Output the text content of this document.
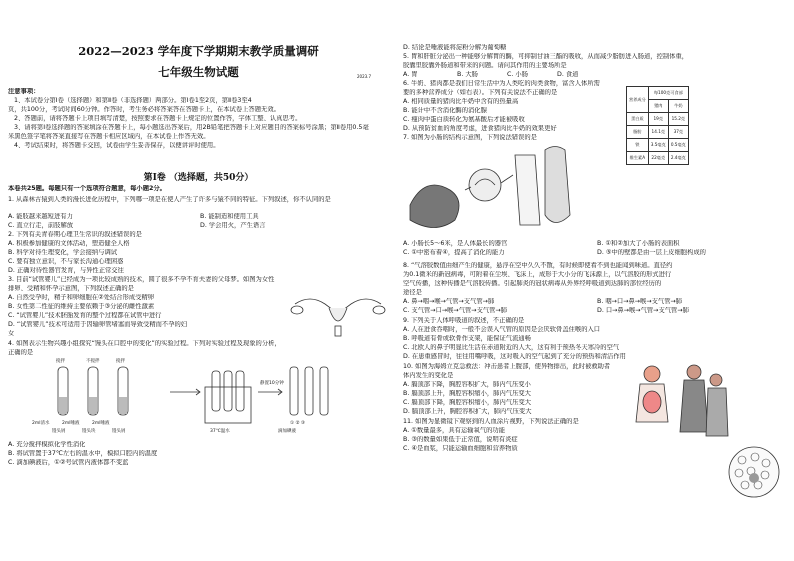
2022—2023 学年度下学期期末教学质量调研
七年级生物试题	2023.7
注意事项：
1、本试卷分第Ⅰ卷（选择题）和第Ⅱ卷（非选择题）两部分。第Ⅰ卷1至2页，第Ⅱ卷3至4
页，共100分，考试时间60分钟。作答时，考生务必将答案答在答题卡上，在本试卷上答题无效。
2、答题前，请将答题卡上项目填写清楚，按照要求在答题卡上规定的位置作答，字体工整、认真思考。
3、请将第Ⅰ卷选择题的答案填涂在答题卡上，每小题选出答案后，用2B铅笔把答题卡上对应题目的答案标号涂黑；第Ⅱ卷用0.5毫
米黑色签字笔将答案直接写在答题卡相应区域内，在本试卷上作答无效。
4、考试结束时，将答题卡交回，试卷由学生妥善保存，以便讲评时使用。
第Ⅰ卷 （选择题，共50分）
本卷共25题。每题只有一个选项符合题意，每小题2分。
1. 从森林古猿到人类的漫长进化历程中，下列哪一项是在使人产生了许多与猿不同的特征。下列叙述，你不认同的是
A. 能肢越来越短进有力	B. 能制造和使用工具
C. 直立行走，前肢解放	D. 学会用火，产生语言
2. 下列有关青春期心理卫生常识的叙述错误的是
A. 积极参加健康的文体活动，塑造健全人格
B. 科学对待生理变化，学会接纳与调试
C. 要有独立意识，不与家长沟通心理困惑
D. 正确对待性器官发育，与异性正常交往
3. 目前“试管婴儿”已经成为一项比较成熟的技术，圆了很多不孕不育夫妻的父母梦。如图为女性
排卵、受精和怀孕示意图，下列叙述正确的是
A. 自然受孕时，精子和卵细胞在②处结合形成受精卵
B. 女性第二性征的维持主要依赖于③分泌的雌性激素
C. “试管婴儿”技术胚胎发育的整个过程都在试管中进行
D. “试管婴儿”技术可适用于因输卵管堵塞而导致受精而不孕的妇
女
4. 如图表示生物兴趣小组探究“馒头在口腔中的变化”的实验过程。下列对实验过程及现象的分析，
正确的是
搅拌	不搅拌	搅拌
2ml清水	2ml唾液	2ml唾液
馒头屑	馒头块	馒头屑	37℃温水
① ② ③
滴加碘液
静置10分钟
A. 充分搅拌模拟化学性消化
B. 将试管置于37℃左右的温水中，模拟口腔内的温度
C. 滴加碘液后，①②号试管内液体都不变蓝
D. 结论是唾液能将淀粉分解为葡萄糖
5. 胃和肝脏分泌出一种能够分解胃的酶，可抑制甘油三酯的吸收，从而减少脂肪进入肠道，控制体重，
胶囊里胶囊外肠道和带来的问题。请问其作用的主要场所是
A. 胃	B. 大肠	C. 小肠	D. 食道
6. 牛奶、猪肉都是我们日常生活中为人类吃的肉类食物，富含人体所需
要的多种营养成分（如右表）。下列有关说法不正确的是
A. 相同质量的猪肉比牛奶中含有的热量高
B. 能计中不含消化酶的消化腺
C. 瘦肉中蛋白质转化为氨基酸后才能被吸收
D. 从预防贫血的角度考虑，进食猪肉比牛奶的效果更好
7. 如图为小肠的结构示意图，下列说法错误的是
营养成分	每100克可食部	
	猪肉	牛奶
蛋白质	19克	15.2克
脂肪	14.1克	37克
铁	3.5毫克	0.5毫克
维生素A	22毫克	2.4毫克
A. 小肠长5～6米，是人体最长的器官	B. ①和②加大了小肠的表面积
C. ①中密布着④，提高了消化的能力	D. ⑤中的壁都是由一层上皮细胞构成的
8. “气溶胶数值由细产生的健康，悬浮在空中久久不散，有时候即使看不到也能闻到味道。直径约
为0.1微米的新冠病毒，可附着在尘埃、飞沫上，成形于大小分的飞沫源上，以气溶胶的形式进行
空气传播，这种传播是气溶胶传播。引起肺炎的冠状病毒从外界经呼吸道到达肺的部位经历的
途径是
A. 鼻→咽→喉→气管→支气管→肺	B. 咽→口→鼻→喉→支气管→肺
C. 支气管→口→喉→气管→支气管→肺	D. 口→鼻→喉→气管→支气管→肺
9. 下列关于人体呼吸道的叙述，不正确的是
A. 人在进食吞咽时，一般不会误入气管的原因是会厌软骨盖住喉的入口
B. 呼吸道有骨或软骨作支架，能保证气流通畅
C. 北欧人的鼻子明显比生活在赤道附近的人大，这有利于预热冬天寒冷的空气
D. 在患重感冒时，往往用嘴呼吸，这对吸入的空气起到了充分的预热和清洁作用
10. 如图为海姆立克急救法：冲击患者上腹部，使异物排出，此时被救助者
体内发生的变化是
A. 膈顶部下降，胸腔容积扩大，肺内气压变小
B. 膈顶部上升，胸腔容积缩小，肺内气压变大
C. 膈顶部下降，胸腔容积缩小，肺内气压变大
D. 膈顶部上升，胸腔容积扩大，肺内气压变大
11. 如图为显微镜下观察到的人血涂片视野，下列说法正确的是
A. ①数量最多，具有运输氧气的功能
B. ③的数量如果低于正常值，说明有炎症
C. ④是血浆，只能运输血细胞和营养物质
